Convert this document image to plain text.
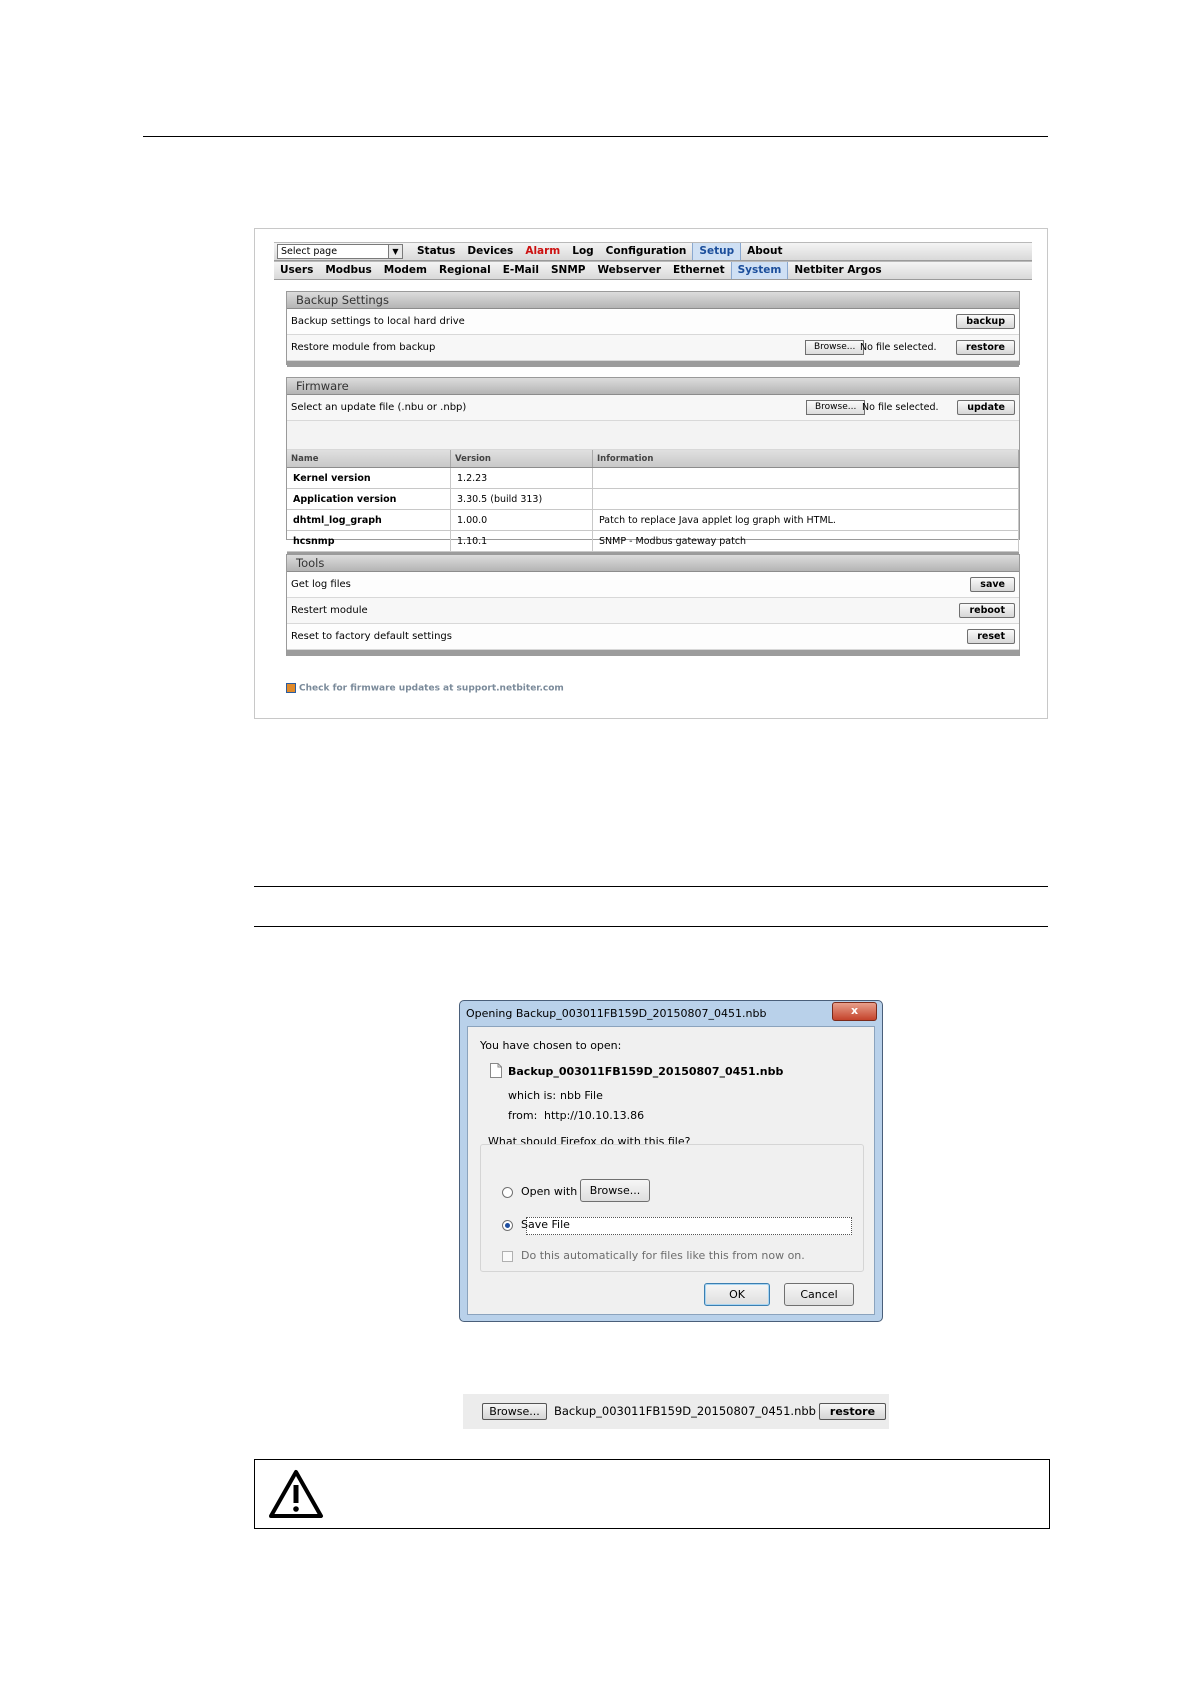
Select page	▼	Status	Devices	Alarm	Log	Configuration	Setup	About
Users	Modbus	Modem	Regional	E-Mail	SNMP	Webserver	Ethernet	System	Netbiter Argos
Backup Settings
Backup settings to local hard drive	backup
Restore module from backup	Browse... No file selected.	restore
Firmware
Select an update file (.nbu or .nbp)	Browse... No file selected.	update
Name	Version	Information
Kernel version	1.2.23	
Application version	3.30.5 (build 313)	
dhtml_log_graph	1.00.0	Patch to replace Java applet log graph with HTML.
hcsnmp	1.10.1	SNMP - Modbus gateway patch
Tools
Get log files	save
Restert module	reboot
Reset to factory default settings	reset
Check for firmware updates at support.netbiter.com
Opening Backup_003011FB159D_20150807_0451.nbb	x
You have chosen to open:
Backup_003011FB159D_20150807_0451.nbb
which is: nbb File
from: http://10.10.13.86
What should Firefox do with this file?
Open with	Browse...
Save File
Do this automatically for files like this from now on.
OK	Cancel
Browse...	Backup_003011FB159D_20150807_0451.nbb	restore
